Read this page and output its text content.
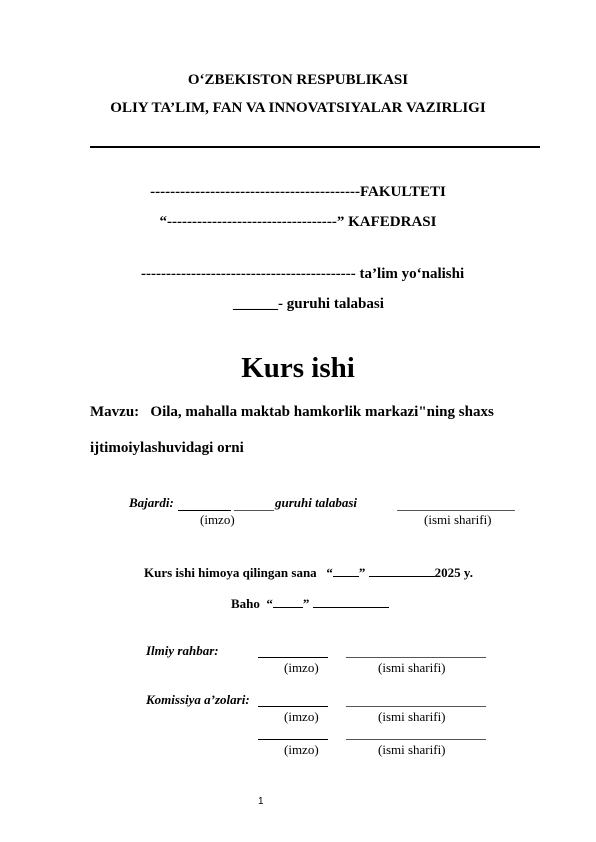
O‘ZBEKISTON RESPUBLIKASI
OLIY TA’LIM, FAN VA INNOVATSIYALAR VAZIRLIGI
------------------------------------------FAKULTETI
“----------------------------------” KAFEDRASI
------------------------------------------- ta’lim yo‘nalishi
______- guruhi talabasi
Kurs ishi
Mavzu: Oila, mahalla maktab hamkorlik markazi"ning shaxs
ijtimoiylashuvidagi orni
Bajardi:	guruhi talabasi
(imzo)	(ismi sharifi)
Kurs ishi himoya qilingan sana “ ”	2025 y.
Baho “ ”
Ilmiy rahbar:
(imzo)	(ismi sharifi)
Komissiya a’zolari:
(imzo)	(ismi sharifi)
(imzo)	(ismi sharifi)
1
